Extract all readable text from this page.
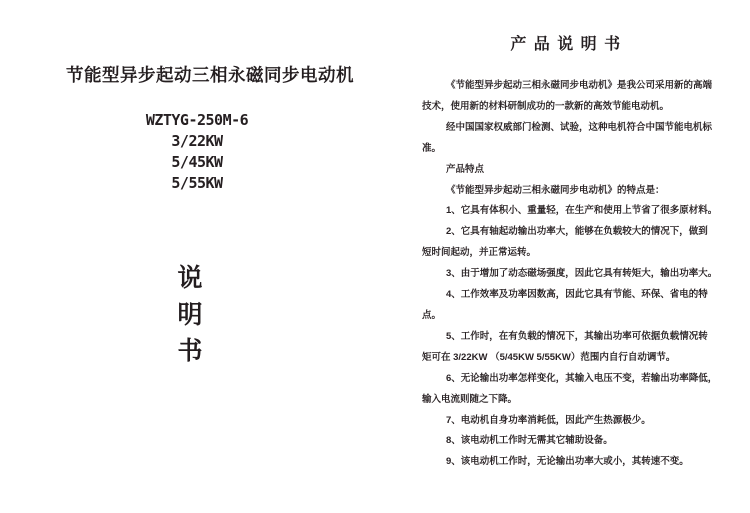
节能型异步起动三相永磁同步电动机
WZTYG-250M-6
3/22KW
5/45KW
5/55KW
说
明
书
产 品 说 明 书
《节能型异步起动三相永磁同步电动机》是我公司采用新的高端
技术，使用新的材料研制成功的一款新的高效节能电动机。
经中国国家权威部门检测、试验，这种电机符合中国节能电机标
准。
产品特点
《节能型异步起动三相永磁同步电动机》的特点是：
1、它具有体积小、重量轻，在生产和使用上节省了很多原材料。
2、它具有轴起动输出功率大，能够在负载较大的情况下，做到
短时间起动，并正常运转。
3、由于增加了动态磁场强度，因此它具有转矩大，输出功率大。
4、工作效率及功率因数高，因此它具有节能、环保、省电的特
点。
5、工作时，在有负载的情况下，其输出功率可依据负载情况转
矩可在 3/22KW （5/45KW 5/55KW）范围内自行自动调节。
6、无论输出功率怎样变化，其输入电压不变，若输出功率降低，
输入电流则随之下降。
7、电动机自身功率消耗低，因此产生热源极少。
8、该电动机工作时无需其它辅助设备。
9、该电动机工作时，无论输出功率大或小，其转速不变。
